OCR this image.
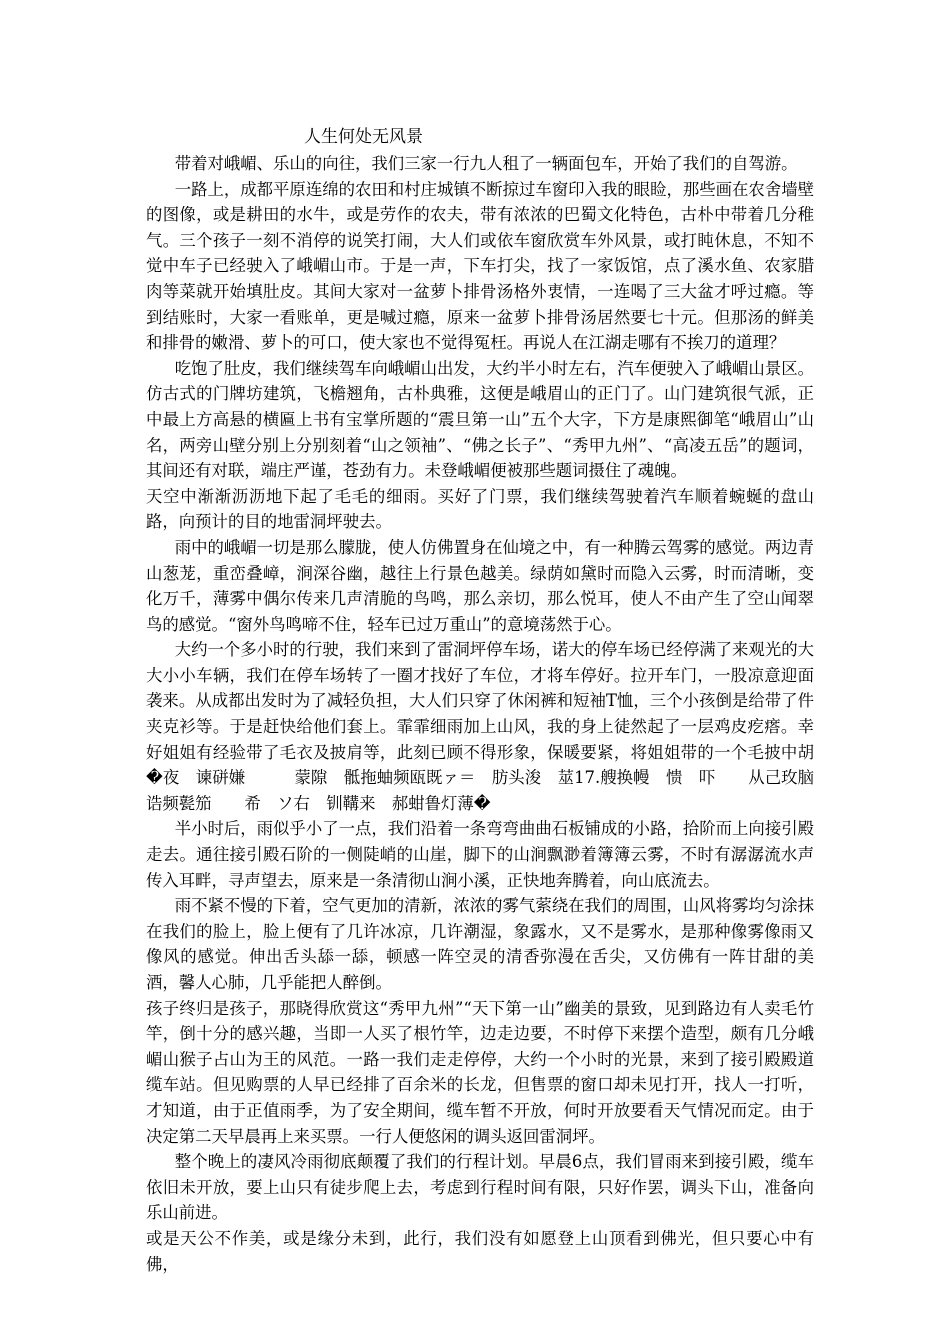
人生何处无风景

带着对峨嵋、乐山的向往，我们三家一行九人租了一辆面包车，开始了我们的自驾游。

一路上，成都平原连绵的农田和村庄城镇不断掠过车窗印入我的眼睑，那些画在农舍墙壁的图像，或是耕田的水牛，或是劳作的农夫，带有浓浓的巴蜀文化特色，古朴中带着几分稚气。三个孩子一刻不消停的说笑打闹，大人们或依车窗欣赏车外风景，或打盹休息，不知不觉中车子已经驶入了峨嵋山市。于是一声，下车打尖，找了一家饭馆，点了溪水鱼、农家腊肉等菜就开始填肚皮。其间大家对一盆萝卜排骨汤格外衷情，一连喝了三大盆才呼过瘾。等到结账时，大家一看账单，更是喊过瘾，原来一盆萝卜排骨汤居然要七十元。但那汤的鲜美和排骨的嫩滑、萝卜的可口，使大家也不觉得冤枉。再说人在江湖走哪有不挨刀的道理？

吃饱了肚皮，我们继续驾车向峨嵋山出发，大约半小时左右，汽车便驶入了峨嵋山景区。仿古式的门牌坊建筑，飞檐翘角，古朴典雅，这便是峨眉山的正门了。山门建筑很气派，正中最上方高悬的横匾上书有宝掌所题的“震旦第一山”五个大字，下方是康熙御笔“峨眉山”山名，两旁山壁分别上分别刻着“山之领袖”、“佛之长子”、“秀甲九州”、“高凌五岳”的题词，其间还有对联，端庄严谨，苍劲有力。未登峨嵋便被那些题词摄住了魂魄。

天空中渐渐沥沥地下起了毛毛的细雨。买好了门票，我们继续驾驶着汽车顺着蜿蜒的盘山路，向预计的目的地雷洞坪驶去。

雨中的峨嵋一切是那么朦胧，使人仿佛置身在仙境之中，有一种腾云驾雾的感觉。两边青山葱茏，重峦叠嶂，涧深谷幽，越往上行景色越美。绿荫如黛时而隐入云雾，时而清晰，变化万千，薄雾中偶尔传来几声清脆的鸟鸣，那么亲切，那么悦耳，使人不由产生了空山闻翠鸟的感觉。“窗外鸟鸣啼不住，轻车已过万重山”的意境荡然于心。

大约一个多小时的行驶，我们来到了雷洞坪停车场，诺大的停车场已经停满了来观光的大大小小车辆，我们在停车场转了一圈才找好了车位，才将车停好。拉开车门，一股凉意迎面袭来。从成都出发时为了减轻负担，大人们只穿了休闲裤和短袖T恤，三个小孩倒是给带了件夹克衫等。于是赶快给他们套上。霏霏细雨加上山风，我的身上徒然起了一层鸡皮疙瘩。幸好姐姐有经验带了毛衣及披肩等，此刻已顾不得形象，保暖要紧，将姐姐带的一个毛披中胡�夜　谏硑嫌　　　蒙隙　骶拖蚰频瓯既ァ＝　肪头浚　莁17.艘换幔　愦　吓　　从己玫脑诰频甏笳　　希　ソ右　钏鞲来　郝蚶鲁灯薄�

半小时后，雨似乎小了一点，我们沿着一条弯弯曲曲石板铺成的小路，拾阶而上向接引殿走去。通往接引殿石阶的一侧陡峭的山崖，脚下的山涧飘渺着簿簿云雾，不时有潺潺流水声传入耳畔，寻声望去，原来是一条清彻山涧小溪，正快地奔腾着，向山底流去。

雨不紧不慢的下着，空气更加的清新，浓浓的雾气萦绕在我们的周围，山风将雾均匀涂抹在我们的脸上，脸上便有了几许冰凉，几许潮湿，象露水，又不是雾水，是那种像雾像雨又像风的感觉。伸出舌头舔一舔，顿感一阵空灵的清香弥漫在舌尖，又仿佛有一阵甘甜的美酒，馨人心肺，几乎能把人醉倒。

孩子终归是孩子，那晓得欣赏这“秀甲九州”“天下第一山”幽美的景致，见到路边有人卖毛竹竿，倒十分的感兴趣，当即一人买了根竹竿，边走边要，不时停下来摆个造型，颇有几分峨嵋山猴子占山为王的风范。一路一我们走走停停，大约一个小时的光景，来到了接引殿殿道缆车站。但见购票的人早已经排了百余米的长龙，但售票的窗口却未见打开，找人一打听，才知道，由于正值雨季，为了安全期间，缆车暂不开放，何时开放要看天气情况而定。由于决定第二天早晨再上来买票。一行人便悠闲的调头返回雷洞坪。

整个晚上的凄风冷雨彻底颠覆了我们的行程计划。早晨6点，我们冒雨来到接引殿，缆车依旧未开放，要上山只有徒步爬上去，考虑到行程时间有限，只好作罢，调头下山，准备向乐山前进。

或是天公不作美，或是缘分未到，此行，我们没有如愿登上山顶看到佛光，但只要心中有佛，
